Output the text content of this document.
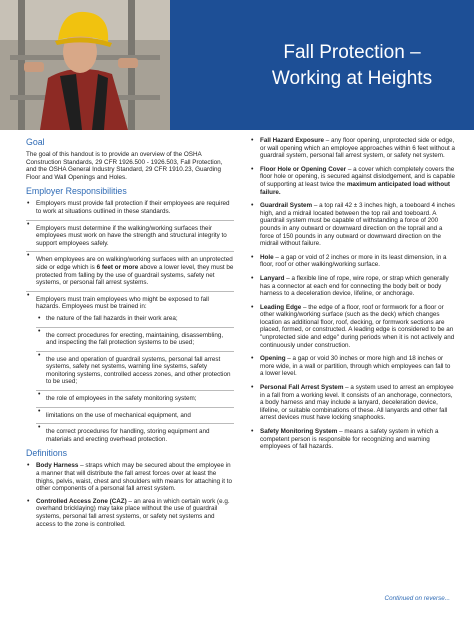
Fall Protection –
Working at Heights
Goal
The goal of this handout is to provide an overview of the OSHA Construction Standards, 29 CFR 1926.500 - 1926.503, Fall Protection, and the OSHA General Industry Standard, 29 CFR 1910.23, Guarding Floor and Wall Openings and Holes.
Employer Responsibilities
• Employers must provide fall protection if their employees are required to work at situations outlined in these standards.
• Employers must determine if the walking/working surfaces their employees must work on have the strength and structural integrity to support employees safely.
• When employees are on walking/working surfaces with an unprotected side or edge which is 6 feet or more above a lower level, they must be protected from falling by the use of guardrail systems, safety net systems, or personal fall arrest systems.
• Employers must train employees who might be exposed to fall hazards. Employees must be trained in:
• the nature of the fall hazards in their work area;
• the correct procedures for erecting, maintaining, disassembling, and inspecting the fall protection systems to be used;
• the use and operation of guardrail systems, personal fall arrest systems, safety net systems, warning line systems, safety monitoring systems, controlled access zones, and other protection to be used;
• the role of employees in the safety monitoring system;
• limitations on the use of mechanical equipment, and
• the correct procedures for handling, storing equipment and materials and erecting overhead protection.
Definitions
• Body Harness – straps which may be secured about the employee in a manner that will distribute the fall arrest forces over at least the thighs, pelvis, waist, chest and shoulders with means for attaching it to other components of a personal fall arrest system.
• Controlled Access Zone (CAZ) – an area in which certain work (e.g. overhand bricklaying) may take place without the use of guardrail systems, personal fall arrest systems, or safety net systems and access to the zone is controlled.
• Fall Hazard Exposure – any floor opening, unprotected side or edge, or wall opening which an employee approaches within 6 feet without a guardrail system, personal fall arrest system, or safety net system.
• Floor Hole or Opening Cover – a cover which completely covers the floor hole or opening, is secured against dislodgement, and is capable of supporting at least twice the maximum anticipated load without failure.
• Guardrail System – a top rail 42 ± 3 inches high, a toeboard 4 inches high, and a midrail located between the top rail and toeboard. A guardrail system must be capable of withstanding a force of 200 pounds in any outward or downward direction on the toprail and a force of 150 pounds in any outward or downward direction on the midrail without failure.
• Hole – a gap or void of 2 inches or more in its least dimension, in a floor, roof or other walking/working surface.
• Lanyard – a flexible line of rope, wire rope, or strap which generally has a connector at each end for connecting the body belt or body harness to a deceleration device, lifeline, or anchorage.
• Leading Edge – the edge of a floor, roof or formwork for a floor or other walking/working surface (such as the deck) which changes location as additional floor, roof, decking, or formwork sections are placed, formed, or constructed. A leading edge is considered to be an "unprotected side and edge" during periods when it is not actively and continuously under construction.
• Opening – a gap or void 30 inches or more high and 18 inches or more wide, in a wall or partition, through which employees can fall to a lower level.
• Personal Fall Arrest System – a system used to arrest an employee in a fall from a working level. It consists of an anchorage, connectors, a body harness and may include a lanyard, deceleration device, lifeline, or suitable combinations of these. All lanyards and other fall arrest devices must have locking snaphooks.
• Safety Monitoring System – means a safety system in which a competent person is responsible for recognizing and warning employees of fall hazards.
Continued on reverse...
